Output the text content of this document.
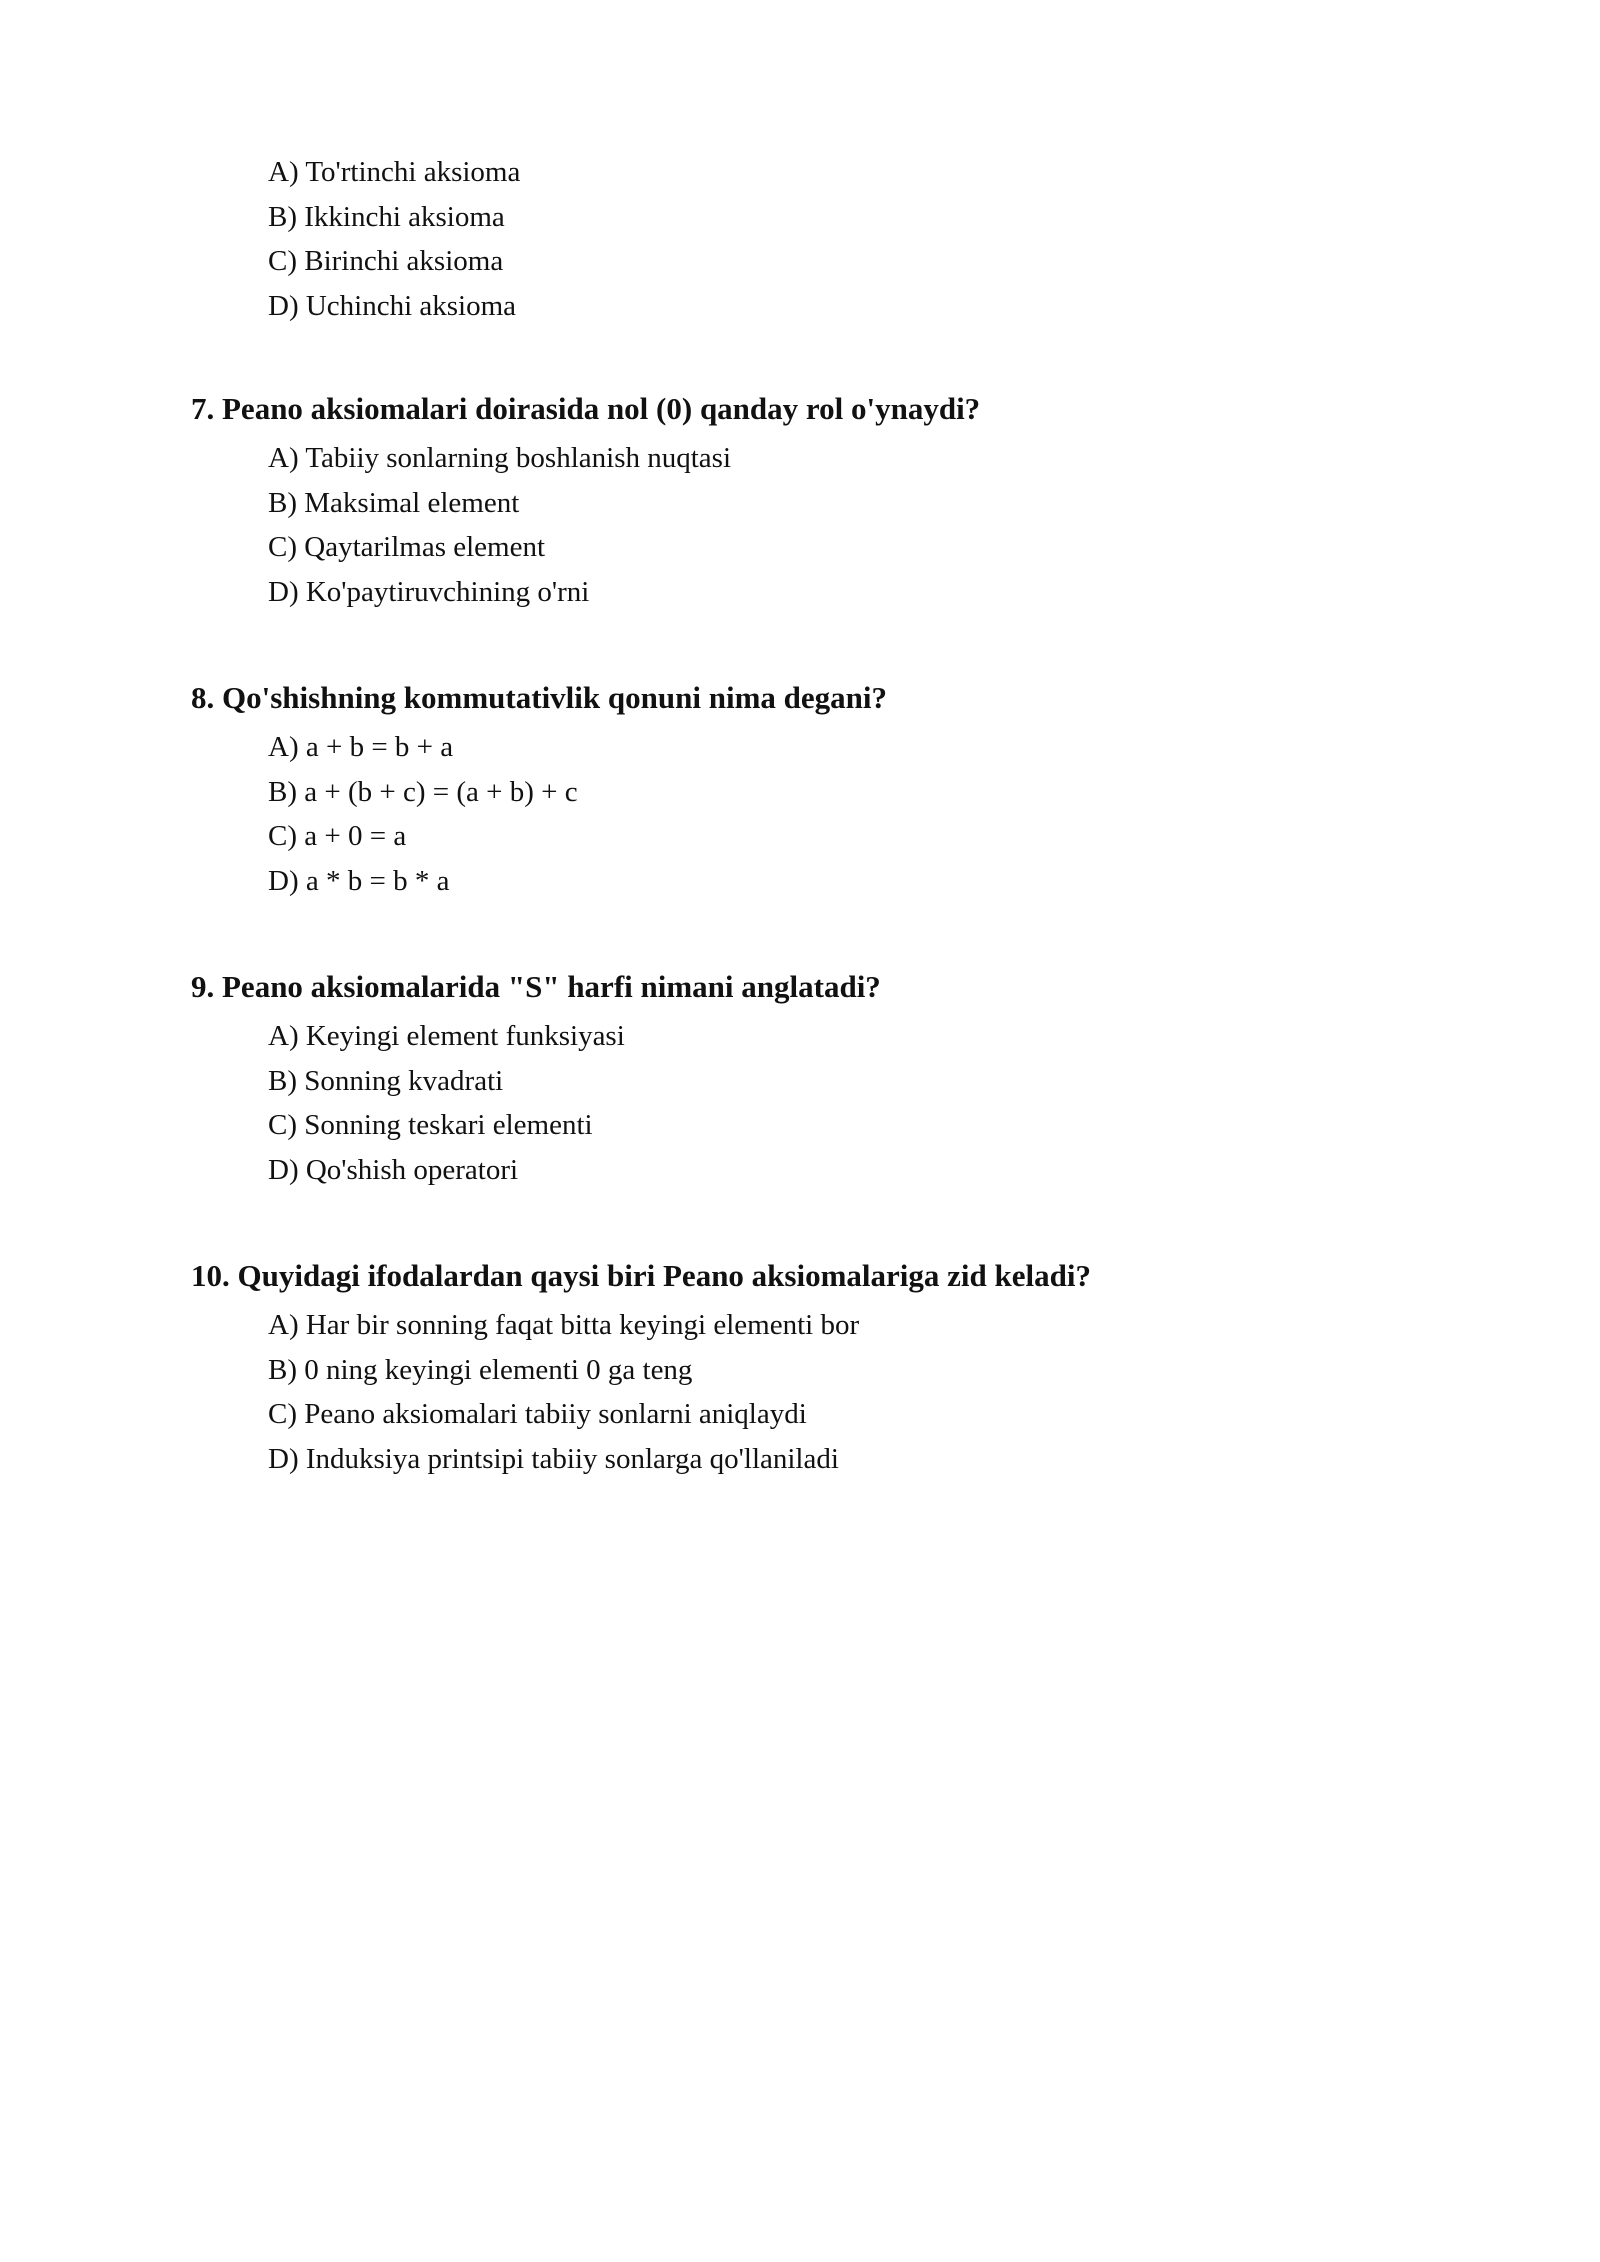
A) To'rtinchi aksioma
B) Ikkinchi aksioma
C) Birinchi aksioma
D) Uchinchi aksioma
7. Peano aksiomalari doirasida nol (0) qanday rol o'ynaydi?
A) Tabiiy sonlarning boshlanish nuqtasi
B) Maksimal element
C) Qaytarilmas element
D) Ko'paytiruvchining o'rni
8. Qo'shishning kommutativlik qonuni nima degani?
A) a + b = b + a
B) a + (b + c) = (a + b) + c
C) a + 0 = a
D) a * b = b * a
9. Peano aksiomalarida "S" harfi nimani anglatadi?
A) Keyingi element funksiyasi
B) Sonning kvadrati
C) Sonning teskari elementi
D) Qo'shish operatori
10. Quyidagi ifodalardan qaysi biri Peano aksiomalariga zid keladi?
A) Har bir sonning faqat bitta keyingi elementi bor
B) 0 ning keyingi elementi 0 ga teng
C) Peano aksiomalari tabiiy sonlarni aniqlaydi
D) Induksiya printsipi tabiiy sonlarga qo'llaniladi
